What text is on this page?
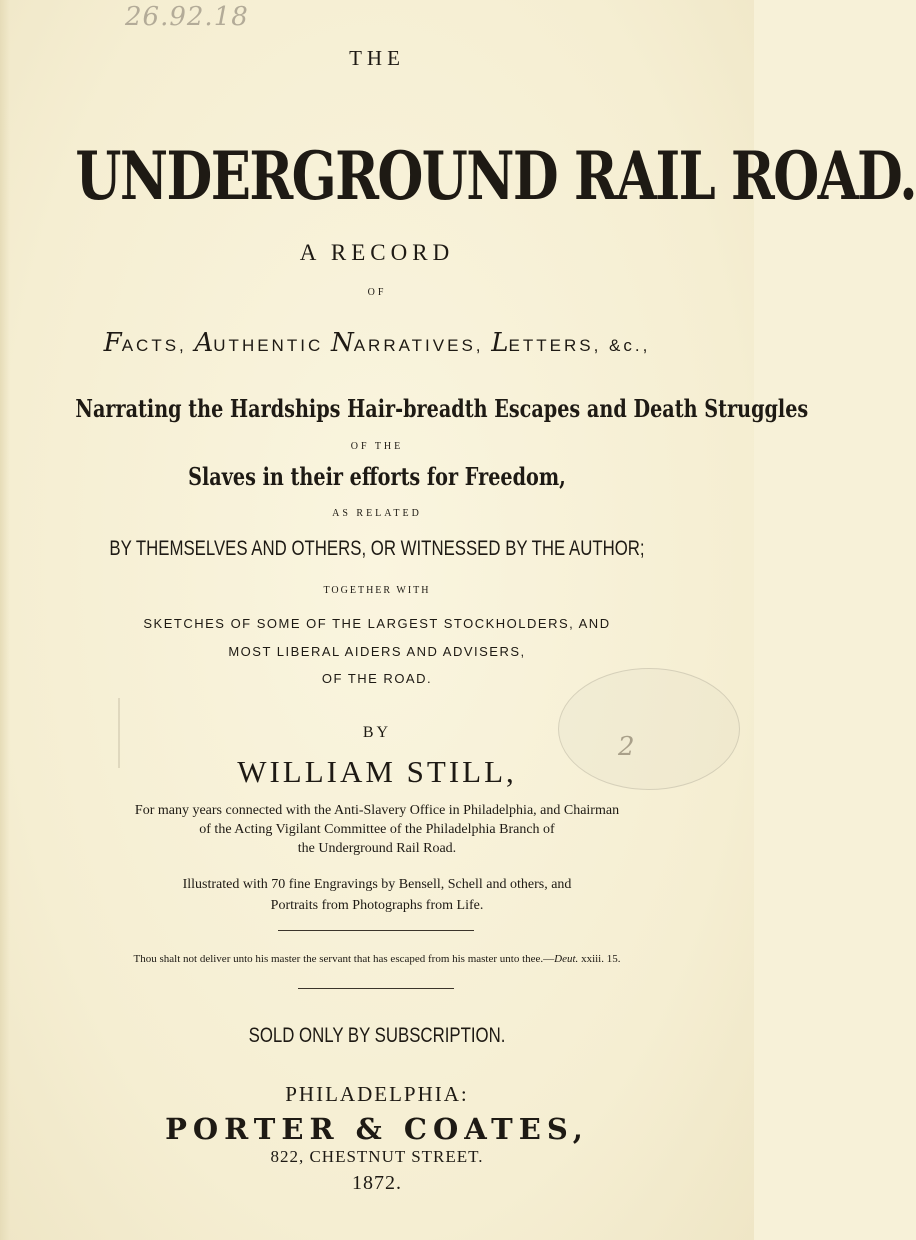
26.92.18
2
THE
UNDERGROUND RAIL ROAD.
A RECORD
OF
FACTS, AUTHENTIC NARRATIVES, LETTERS, &c.,
Narrating the Hardships Hair-breadth Escapes and Death Struggles
OF THE
Slaves in their efforts for Freedom,
AS RELATED
BY THEMSELVES AND OTHERS, OR WITNESSED BY THE AUTHOR;
TOGETHER WITH
SKETCHES OF SOME OF THE LARGEST STOCKHOLDERS, AND
MOST LIBERAL AIDERS AND ADVISERS,
OF THE ROAD.
BY
WILLIAM STILL,
For many years connected with the Anti-Slavery Office in Philadelphia, and Chairman
of the Acting Vigilant Committee of the Philadelphia Branch of
the Underground Rail Road.
Illustrated with 70 fine Engravings by Bensell, Schell and others, and
Portraits from Photographs from Life.
Thou shalt not deliver unto his master the servant that has escaped from his master unto thee.—Deut. xxiii. 15.
SOLD ONLY BY SUBSCRIPTION.
PHILADELPHIA:
PORTER & COATES,
822, CHESTNUT STREET.
1872.
